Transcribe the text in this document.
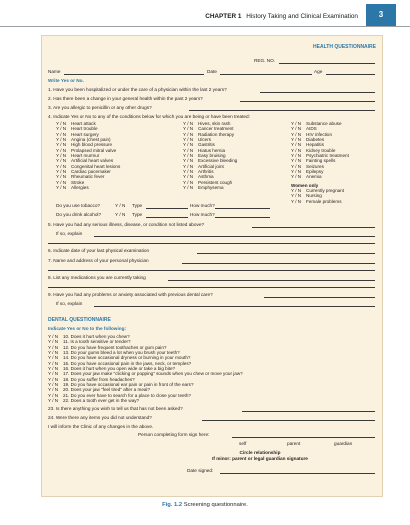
CHAPTER 1 History Taking and Clinical Examination	3
HEALTH QUESTIONNAIRE
REG. NO.
Name	Date	Age
Write Yes or No.
1. Have you been hospitalized or under the care of a physician within the last 2 years?
2. Has there been a change in your general health within the past 2 years?
3. Are you allergic to penicillin or any other drugs?
4. Indicate Yes or No to any of the conditions below for which you are being or have been treated:
Y / N Heart attack
Y / N Heart trouble
Y / N Heart surgery
Y / N Angina (chest pain)
Y / N High blood pressure
Y / N Prolapsed mitral valve
Y / N Heart murmur
Y / N Artificial heart valves
Y / N Congenital heart lesions
Y / N Cardiac pacemaker
Y / N Rheumatic fever
Y / N Stroke
Y / N Allergies
Y / N Hives, skin rash
Y / N Cancer treatment
Y / N Radiation therapy
Y / N Ulcers
Y / N Gastritis
Y / N Hiatus hernia
Y / N Easy bruising
Y / N Excessive bleeding
Y / N Artificial joint
Y / N Arthritis
Y / N Asthma
Y / N Persistent cough
Y / N Emphysema
Y / N Substance abuse
Y / N AIDS
Y / N HIV infection
Y / N Diabetes
Y / N Hepatitis
Y / N Kidney trouble
Y / N Psychiatric treatment
Y / N Fainting spells
Y / N Seizures
Y / N Epilepsy
Y / N Anemia
Women only
Y / N Currently pregnant
Y / N Nursing
Y / N Female problems
Do you use tobacco?	Y / N Type	How much?
Do you drink alcohol?	Y / N Type	How much?
5. Have you had any serious illness, disease, or condition not listed above?
If so, explain
6. Indicate date of your last physical examination
7. Name and address of your personal physician
8. List any medications you are currently taking
9. Have you had any problems or anxiety associated with previous dental care?
If so, explain
DENTAL QUESTIONNAIRE
Indicate Yes or No to the following:
Y / N 10. Does it hurt when you chew?
Y / N 11. Is a tooth sensitive or tender?
Y / N 12. Do you have frequent toothaches or gum pain?
Y / N 13. Do your gums bleed a lot when you brush your teeth?
Y / N 14. Do you have occasional dryness or burning in your mouth?
Y / N 15. Do you have occasional pain in the jaws, neck, or temples?
Y / N 16. Does it hurt when you open wide or take a big bite?
Y / N 17. Does your jaw make "clicking or popping" sounds when you chew or move your jaw?
Y / N 18. Do you suffer from headaches?
Y / N 19. Do you have occasional ear pain or pain in front of the ears?
Y / N 20. Does your jaw "feel tired" after a meal?
Y / N 21. Do you ever have to search for a place to close your teeth?
Y / N 22. Does a tooth ever get in the way?
23. Is there anything you wish to tell us that has not been asked?
24. Were there any items you did not understand?
I will inform the Clinic of any changes in the above.
Person completing form sign here:
self	parent	guardian
Circle relationship
If minor: parent or legal guardian signature
Date signed:
Fig. 1.2 Screening questionnaire.
